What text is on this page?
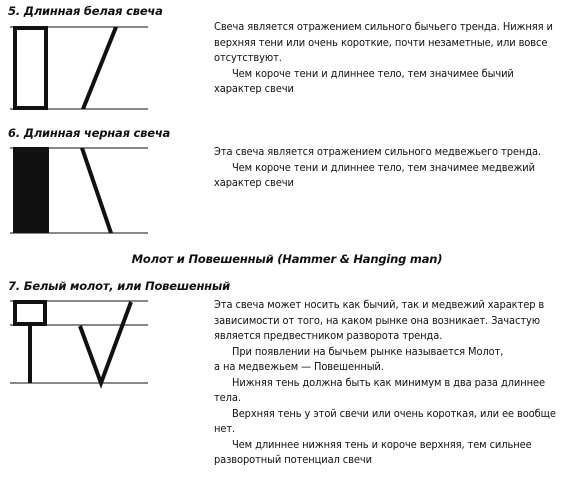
5. Длинная белая свеча

Свеча является отражением сильного бычьего тренда. Нижняя и верхняя тени или очень короткие, почти незаметные, или вовсе отсутствуют.

Чем короче тени и длиннее тело, тем значимее бычий характер свечи

6. Длинная черная свеча

Эта свеча является отражением сильного медвежьего тренда.

Чем короче тени и длиннее тело, тем значимее медвежий характер свечи

Молот и Повешенный (Hammer & Hanging man)
7. Белый молот, или Повешенный

Эта свеча может носить как бычий, так и медвежий характер в зависимости от того, на каком рынке она возникает. Зачастую является предвестником разворота тренда.

При появлении на бычьем рынке называется Молот,

а на медвежьем — Повешенный.

Нижняя тень должна быть как минимум в два раза длиннее тела.

Верхняя тень у этой свечи или очень короткая, или ее вообще нет.

Чем длиннее нижняя тень и короче верхняя, тем сильнее разворотный потенциал свечи
